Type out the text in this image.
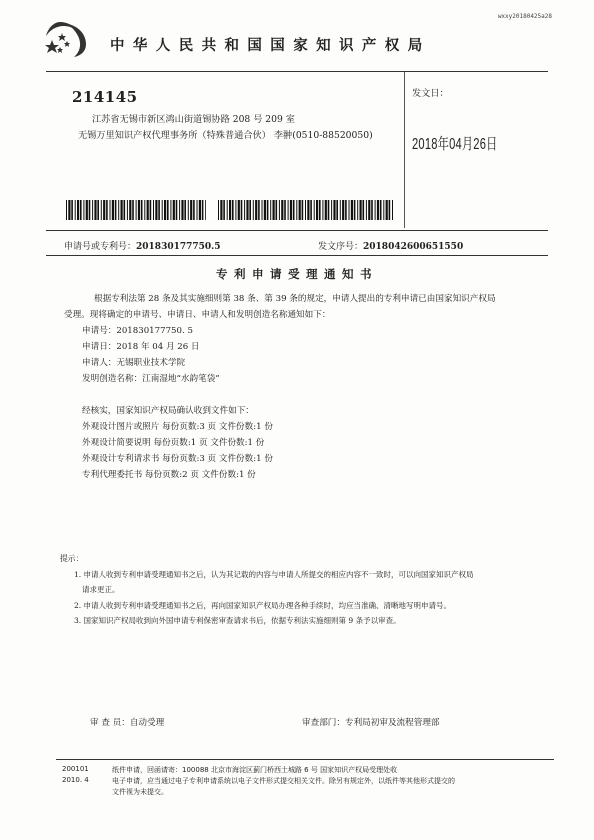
wxxy20180425a28
中华人民共和国国家知识产权局
214145
江苏省无锡市新区鸿山街道锡协路 208 号 209 室
无锡万里知识产权代理事务所（特殊普通合伙） 李翀(0510-88520050)
发文日：
2018年04月26日
申请号或专利号：201830177750.5	发文序号：2018042600651550
专利申请受理通知书
根据专利法第 28 条及其实施细则第 38 条、第 39 条的规定，申请人提出的专利申请已由国家知识产权局
受理。现将确定的申请号、申请日、申请人和发明创造名称通知如下：
申请号：201830177750. 5
申请日：2018 年 04 月 26 日
申请人：无锡职业技术学院
发明创造名称：江南湿地“水韵笔袋”
经核实，国家知识产权局确认收到文件如下：
外观设计图片或照片 每份页数:3 页 文件份数:1 份
外观设计简要说明 每份页数:1 页 文件份数:1 份
外观设计专利请求书 每份页数:3 页 文件份数:1 份
专利代理委托书 每份页数:2 页 文件份数:1 份
提示：
1. 申请人收到专利申请受理通知书之后，认为其记载的内容与申请人所提交的相应内容不一致时，可以向国家知识产权局
请求更正。
2. 申请人收到专利申请受理通知书之后，再向国家知识产权局办理各种手续时，均应当准确、清晰地写明申请号。
3. 国家知识产权局收到向外国申请专利保密审查请求书后，依据专利法实施细则第 9 条予以审查。
审 查 员：自动受理	审查部门：专利局初审及流程管理部
200101
2010. 4
纸件申请，回函请寄：100088 北京市海淀区蓟门桥西土城路 6 号 国家知识产权局受理处收
电子申请，应当通过电子专利申请系统以电子文件形式提交相关文件。除另有规定外，以纸件等其他形式提交的
文件视为未提交。
